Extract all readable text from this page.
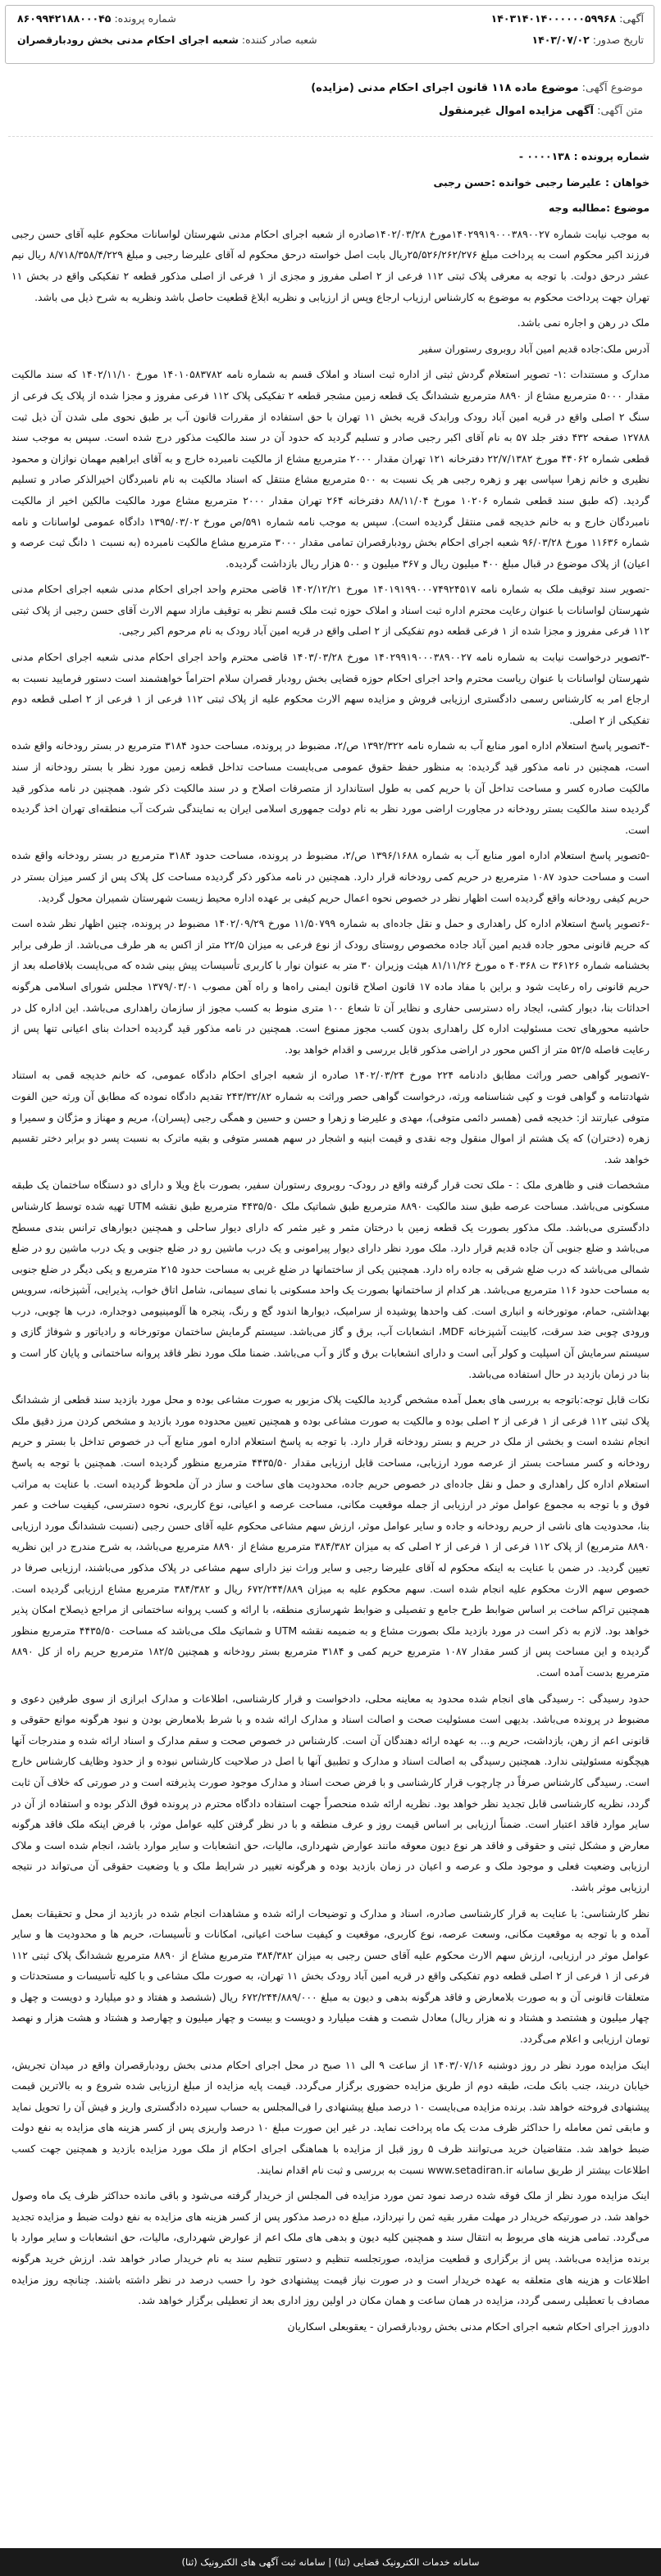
آگهی: ۱۴۰۳۱۴۰۱۴۰۰۰۰۰۰۵۹۹۶۸
تاریخ صدور: ۱۴۰۳/۰۷/۰۲
شماره پرونده: ۸۶۰۹۹۴۲۱۸۸۰۰۰۴۵
شعبه صادر کننده: شعبه اجرای احکام مدنی بخش رودبارقصران
موضوع آگهی: موضوع ماده ۱۱۸ قانون اجرای احکام مدنی (مزایده)
متن آگهی: آگهی مزایده اموال غیرمنقول

شماره پرونده : ۰۰۰۰۱۳۸ -

خواهان : علیرضا رجبی خوانده :حسن رجبی

موضوع :مطالبه وجه

به موجب نیابت شماره ۱۴۰۲۹۹۱۹۰۰۰۳۸۹۰۰۲۷مورخ ۱۴۰۲/۰۳/۲۸صادره از شعبه اجرای احکام مدنی شهرستان لواسانات محکوم علیه آقای حسن رجبی فرزند اکبر محکوم است به پرداخت مبلغ ۲۵/۵۲۶/۲۶۲/۲۷۶ریال بابت اصل خواسته درحق محکوم له آقای علیرضا رجبی و مبلغ ۸/۷۱۸/۳۵۸/۴/۲۲۹ ریال نیم عشر درحق دولت. با توجه به معرفی پلاک ثبتی ۱۱۲ فرعی از ۲ اصلی مفروز و مجزی از ۱ فرعی از اصلی مذکور قطعه ۲ تفکیکی واقع در بخش ۱۱ تهران جهت پرداخت محکوم به موضوع به کارشناس ارزیاب ارجاع وپس از ارزیابی و نظریه ابلاغ قطعیت حاصل باشد ونظریه به شرح ذیل می باشد.

ملک در رهن و اجاره نمی باشد.

آدرس ملک:جاده قدیم امین آباد روبروی رستوران سفیر

مدارک و مستندات :۱- تصویر استعلام گردش ثبتی از اداره ثبت اسناد و املاک قسم به شماره نامه ۱۴۰۱۰۵۸۳۷۸۲ مورخ ۱۴۰۲/۱۱/۱۰ که سند مالکیت مقدار ۵۰۰۰ مترمربع مشاع از ۸۸۹۰ مترمربع ششدانگ یک قطعه زمین مشجر قطعه ۲ تفکیکی پلاک ۱۱۲ فرعی مفروز و مجزا شده از پلاک یک فرعی از سنگ ۲ اصلی واقع در قریه امین آباد رودک ورابدک قریه بخش ۱۱ تهران با حق استفاده از مقررات قانون آب بر طبق نحوی ملی شدن آن ذیل ثبت ۱۲۷۸۸ صفحه ۴۳۲ دفتر جلد ۵۷ به نام آقای اکبر رجبی صادر و تسلیم گردید که حدود آن در سند مالکیت مذکور درج شده است. سپس به موجب سند قطعی شماره ۴۴۰۶۲ مورخ ۲۲/۷/۱۳۸۲ دفترخانه ۱۲۱ تهران مقدار ۲۰۰۰ مترمربع مشاع از مالکیت نامبرده خارج و به آقای ابراهیم مهمان نوازان و محمود نظیری و خانم زهرا سپاسی بهر و زهره رجبی هر یک نسبت به ۵۰۰ مترمربع مشاع منتقل که اسناد مالکیت به نام نامبردگان اخیرالذکر صادر و تسلیم گردید. (که طبق سند قطعی شماره ۱۰۲۰۶ مورخ ۸۸/۱۱/۰۴ دفترخانه ۲۶۴ تهران مقدار ۲۰۰۰ مترمربع مشاع مورد مالکیت مالکین اخیر از مالکیت نامبردگان خارج و به خانم خدیجه قمی منتقل گردیده است). سپس به موجب نامه شماره ۵۹۱/ص مورخ ۱۳۹۵/۰۳/۰۲ دادگاه عمومی لواسانات و نامه شماره ۱۱۶۳۶ مورخ ۹۶/۰۳/۲۸ شعبه اجرای احکام بخش رودبارقصران تمامی مقدار ۳۰۰۰ مترمربع مشاع مالکیت نامبرده (به نسبت ۱ دانگ ثبت عرصه و اعیان) از پلاک موضوع در قبال مبلغ ۴۰۰ میلیون ریال و ۳۶۷ میلیون و ۵۰۰ هزار ریال بازداشت گردیده.

-تصویر سند توقیف ملک به شماره نامه ۱۴۰۱۹۱۹۹۰۰۰۷۴۹۲۴۵۱۷ مورخ ۱۴۰۲/۱۲/۲۱ قاضی محترم واحد اجرای احکام مدنی شعبه اجرای احکام مدنی شهرستان لواسانات با عنوان رعایت محترم اداره ثبت اسناد و املاک حوزه ثبت ملک قسم نظر به توقیف مازاد سهم الارث آقای حسن رجبی از پلاک ثبتی ۱۱۲ فرعی مفروز و مجزا شده از ۱ فرعی قطعه دوم تفکیکی از ۲ اصلی واقع در قریه امین آباد رودک به نام مرحوم اکبر رجبی.

-۳تصویر درخواست نیابت به شماره نامه ۱۴۰۲۹۹۱۹۰۰۰۳۸۹۰۰۲۷ مورخ ۱۴۰۳/۰۳/۲۸ قاضی محترم واحد اجرای احکام مدنی شعبه اجرای احکام مدنی شهرستان لواسانات با عنوان ریاست محترم واحد اجرای احکام حوزه قضایی بخش رودبار قصران سلام احتراماً خواهشمند است دستور فرمایید نسبت به ارجاع امر به کارشناس رسمی دادگستری ارزیابی فروش و مزایده سهم الارث محکوم علیه از پلاک ثبتی ۱۱۲ فرعی از ۱ فرعی از ۲ اصلی قطعه دوم تفکیکی از ۲ اصلی.

-۴تصویر پاسخ استعلام اداره امور منابع آب به شماره نامه ۱۳۹۲/۳۲۲ ص/۲، مضبوط در پرونده، مساحت حدود ۳۱۸۴ مترمربع در بستر رودخانه واقع شده است، همچنین در نامه مذکور قید گردیده: به منظور حفظ حقوق عمومی می‌بایست مساحت تداخل قطعه زمین مورد نظر با بستر رودخانه از سند مالکیت صادره کسر و مساحت تداخل آن با حریم کمی به طول استاندارد از متصرفات اصلاح و در سند مالکیت ذکر شود. همچنین در نامه مذکور قید گردیده سند مالکیت بستر رودخانه در مجاورت اراضی مورد نظر به نام دولت جمهوری اسلامی ایران به نمایندگی شرکت آب منطقه‌ای تهران اخذ گردیده است.

-۵تصویر پاسخ استعلام اداره امور منابع آب به شماره ۱۳۹۶/۱۶۸۸ ص/۲، مضبوط در پرونده، مساحت حدود ۳۱۸۴ مترمربع در بستر رودخانه واقع شده است و مساحت حدود ۱۰۸۷ مترمربع در حریم کمی رودخانه قرار دارد. همچنین در نامه مذکور ذکر گردیده مساحت کل پلاک پس از کسر میزان بستر در حریم کیفی رودخانه واقع گردیده است اظهار نظر در خصوص نحوه اعمال حریم کیفی بر عهده اداره محیط زیست شهرستان شمیران محول گردید.

-۶تصویر پاسخ استعلام اداره کل راهداری و حمل و نقل جاده‌ای به شماره ۱۱/۵۰۷۹۹ مورخ ۱۴۰۲/۰۹/۲۹ مضبوط در پرونده، چنین اظهار نظر شده است که حریم قانونی محور جاده قدیم امین آباد جاده مخصوص روستای رودک از نوع فرعی به میزان ۲۲/۵ متر از اکس به هر طرف می‌باشد. از طرفی برابر بخشنامه شماره ۳۶۱۲۶ ت ۴۰۳۶۸ ه مورخ ۸۱/۱۱/۲۶ هیئت وزیران ۳۰ متر به عنوان نوار با کاربری تأسیسات پیش بینی شده که می‌بایست بلافاصله بعد از حریم قانونی راه رعایت شود و براین با مفاد ماده ۱۷ قانون اصلاح قانون ایمنی راه‌ها و راه آهن مصوب ۱۳۷۹/۰۳/۰۱ مجلس شورای اسلامی هرگونه احداثات بنا، دیوار کشی، ایجاد راه دسترسی حفاری و نظایر آن تا شعاع ۱۰۰ متری منوط به کسب مجوز از سازمان راهداری می‌باشد. این اداره کل در حاشیه محورهای تحت مسئولیت اداره کل راهداری بدون کسب مجوز ممنوع است. همچنین در نامه مذکور قید گردیده احداث بنای اعیانی تنها پس از رعایت فاصله ۵۲/۵ متر از اکس محور در اراضی مذکور قابل بررسی و اقدام خواهد بود.

-۷تصویر گواهی حصر وراثت مطابق دادنامه ۲۲۴ مورخ ۱۴۰۲/۰۳/۲۴ صادره از شعبه اجرای احکام دادگاه عمومی، که خانم خدیجه قمی به استناد شهادتنامه و گواهی فوت و کپی شناسنامه ورثه، درخواست گواهی حصر وراثت به شماره ۲۴۳/۳۲/۸۲ تقدیم دادگاه نموده که مطابق آن ورثه حین الفوت متوفی عبارتند از: خدیجه قمی (همسر دائمی متوفی)، مهدی و علیرضا و زهرا و حسن و حسین و همگی رجبی (پسران)، مریم و مهناز و مژگان و سمیرا و زهره (دختران) که یک هشتم از اموال منقول وجه نقدی و قیمت ابنیه و اشجار در سهم همسر متوفی و بقیه ماترک به نسبت پسر دو برابر دختر تقسیم خواهد شد.

مشخصات فنی و ظاهری ملک : - ملک تحت قرار گرفته واقع در رودک- روبروی رستوران سفیر، بصورت باغ ویلا و دارای دو دستگاه ساختمان یک طبقه مسکونی می‌باشد. مساحت عرصه طبق سند مالکیت ۸۸۹۰ مترمربع طبق شماتیک ملک ۴۴۳۵/۵۰ مترمربع طبق نقشه UTM تهیه شده توسط کارشناس دادگستری می‌باشد. ملک مذکور بصورت یک قطعه زمین با درختان مثمر و غیر مثمر که دارای دیوار ساحلی و همچنین دیوارهای ترانس بندی مسطح می‌باشد و ضلع جنوبی آن جاده قدیم قرار دارد. ملک مورد نظر دارای دیوار پیرامونی و یک درب ماشین رو در ضلع جنوبی و یک درب ماشین رو در ضلع شمالی می‌باشد که درب ضلع شرقی به جاده راه دارد. همچنین یکی از ساختمانها در ضلع غربی به مساحت حدود ۲۱۵ مترمربع و یکی دیگر در ضلع جنوبی به مساحت حدود ۱۱۶ مترمربع می‌باشد. هر کدام از ساختمانها بصورت یک واحد مسکونی با نمای سیمانی، شامل اتاق خواب، پذیرایی، آشپزخانه، سرویس بهداشتی، حمام، موتورخانه و انباری است. کف واحدها پوشیده از سرامیک، دیوارها اندود گچ و رنگ، پنجره ها آلومینیومی دوجداره، درب ها چوبی، درب ورودی چوبی ضد سرقت، کابینت آشپزخانه MDF، انشعابات آب، برق و گاز می‌باشد. سیستم گرمایش ساختمان موتورخانه و رادیاتور و شوفاژ گازی و سیستم سرمایش آن اسپلیت و کولر آبی است و دارای انشعابات برق و گاز و آب می‌باشد. ضمنا ملک مورد نظر فاقد پروانه ساختمانی و پایان کار است و بنا در زمان بازدید در حال استفاده می‌باشد.

نکات قابل توجه:باتوجه به بررسی های بعمل آمده مشخص گردید مالکیت پلاک مزبور به صورت مشاعی بوده و محل مورد بازدید سند قطعی از ششدانگ پلاک ثبتی ۱۱۲ فرعی از ۱ فرعی از ۲ اصلی بوده و مالکیت به صورت مشاعی بوده و همچنین تعیین محدوده مورد بازدید و مشخص کردن مرز دقیق ملک انجام نشده است و بخشی از ملک در حریم و بستر رودخانه قرار دارد. با توجه به پاسخ استعلام اداره امور منابع آب در خصوص تداخل با بستر و حریم رودخانه و کسر مساحت بستر از عرصه مورد ارزیابی، مساحت قابل ارزیابی مقدار ۴۴۳۵/۵۰ مترمربع منظور گردیده است. همچنین با توجه به پاسخ استعلام اداره کل راهداری و حمل و نقل جاده‌ای در خصوص حریم جاده، محدودیت های ساخت و ساز در آن ملحوظ گردیده است. با عنایت به مراتب فوق و با توجه به مجموع عوامل موثر در ارزیابی از جمله موقعیت مکانی، مساحت عرصه و اعیانی، نوع کاربری، نحوه دسترسی، کیفیت ساخت و عمر بنا، محدودیت های ناشی از حریم رودخانه و جاده و سایر عوامل موثر، ارزش سهم مشاعی محکوم علیه آقای حسن رجبی (نسبت ششدانگ مورد ارزیابی ۸۸۹۰ مترمربع) از پلاک ۱۱۲ فرعی از ۱ فرعی از ۲ اصلی که به میزان ۳۸۴/۳۸۲ مترمربع مشاع از ۸۸۹۰ مترمربع می‌باشد، به شرح مندرج در این نظریه تعیین گردید. در ضمن با عنایت به اینکه محکوم له آقای علیرضا رجبی و سایر وراث نیز دارای سهم مشاعی در پلاک مذکور می‌باشند، ارزیابی صرفا در خصوص سهم الارث محکوم علیه انجام شده است. سهم محکوم علیه به میزان ۶۷۲/۲۴۴/۸۸۹ ریال و ۳۸۴/۳۸۲ مترمربع مشاع ارزیابی گردیده است. همچنین تراکم ساخت بر اساس ضوابط طرح جامع و تفصیلی و ضوابط شهرسازی منطقه، با ارائه و کسب پروانه ساختمانی از مراجع ذیصلاح امکان پذیر خواهد بود. لازم به ذکر است در مورد بازدید ملک بصورت مشاع و به ضمیمه نقشه UTM و شماتیک ملک می‌باشد که مساحت ۴۴۳۵/۵۰ مترمربع منظور گردیده و این مساحت پس از کسر مقدار ۱۰۸۷ مترمربع حریم کمی و ۳۱۸۴ مترمربع بستر رودخانه و همچنین ۱۸۲/۵ مترمربع حریم راه از کل ۸۸۹۰ مترمربع بدست آمده است.

حدود رسیدگی :- رسیدگی های انجام شده محدود به معاینه محلی، دادخواست و قرار کارشناسی، اطلاعات و مدارک ابرازی از سوی طرفین دعوی و مضبوط در پرونده می‌باشد. بدیهی است مسئولیت صحت و اصالت اسناد و مدارک ارائه شده و با شرط بلامعارض بودن و نبود هرگونه موانع حقوقی و قانونی اعم از رهن، بازداشت، حریم و... به عهده ارائه دهندگان آن است. کارشناس در خصوص صحت و سقم مدارک و اسناد ارائه شده و مندرجات آنها هیچگونه مسئولیتی ندارد. همچنین رسیدگی به اصالت اسناد و مدارک و تطبیق آنها با اصل در صلاحیت کارشناس نبوده و از حدود وظایف کارشناس خارج است. رسیدگی کارشناس صرفاً در چارچوب قرار کارشناسی و با فرض صحت اسناد و مدارک موجود صورت پذیرفته است و در صورتی که خلاف آن ثابت گردد، نظریه کارشناسی قابل تجدید نظر خواهد بود. نظریه ارائه شده منحصراً جهت استفاده دادگاه محترم در پرونده فوق الذکر بوده و استفاده از آن در سایر موارد فاقد اعتبار است. ضمناً ارزیابی بر اساس قیمت روز و عرف منطقه و با در نظر گرفتن کلیه عوامل موثر، با فرض اینکه ملک فاقد هرگونه معارض و مشکل ثبتی و حقوقی و فاقد هر نوع دیون معوقه مانند عوارض شهرداری، مالیات، حق انشعابات و سایر موارد باشد، انجام شده است و ملاک ارزیابی وضعیت فعلی و موجود ملک و عرصه و اعیان در زمان بازدید بوده و هرگونه تغییر در شرایط ملک و یا وضعیت حقوقی آن می‌تواند در نتیجه ارزیابی موثر باشد.

نظر کارشناسی: با عنایت به قرار کارشناسی صادره، اسناد و مدارک و توضیحات ارائه شده و مشاهدات انجام شده در بازدید از محل و تحقیقات بعمل آمده و با توجه به موقعیت مکانی، وسعت عرصه، نوع کاربری، موقعیت و کیفیت ساخت اعیانی، امکانات و تأسیسات، حریم ها و محدودیت ها و سایر عوامل موثر در ارزیابی، ارزش سهم الارث محکوم علیه آقای حسن رجبی به میزان ۳۸۴/۳۸۲ مترمربع مشاع از ۸۸۹۰ مترمربع ششدانگ پلاک ثبتی ۱۱۲ فرعی از ۱ فرعی از ۲ اصلی قطعه دوم تفکیکی واقع در قریه امین آباد رودک بخش ۱۱ تهران، به صورت ملک مشاعی و با کلیه تأسیسات و مستحدثات و متعلقات قانونی آن و به صورت بلامعارض و فاقد هرگونه بدهی و دیون به مبلغ ۶۷۲/۲۴۴/۸۸۹/۰۰۰ ریال (ششصد و هفتاد و دو میلیارد و دویست و چهل و چهار میلیون و هشتصد و هشتاد و نه هزار ریال) معادل شصت و هفت میلیارد و دویست و بیست و چهار میلیون و چهارصد و هشتاد و هشت هزار و نهصد تومان ارزیابی و اعلام می‌گردد.

اینک مزایده مورد نظر در روز دوشنبه ۱۴۰۳/۰۷/۱۶ از ساعت ۹ الی ۱۱ صبح در محل اجرای احکام مدنی بخش رودبارقصران واقع در میدان تجریش، خیابان دربند، جنب بانک ملت، طبقه دوم از طریق مزایده حضوری برگزار می‌گردد. قیمت پایه مزایده از مبلغ ارزیابی شده شروع و به بالاترین قیمت پیشنهادی فروخته خواهد شد. برنده مزایده می‌بایست ۱۰ درصد مبلغ پیشنهادی را فی‌المجلس به حساب سپرده دادگستری واریز و فیش آن را تحویل نماید و مابقی ثمن معامله را حداکثر ظرف مدت یک ماه پرداخت نماید. در غیر این صورت مبلغ ۱۰ درصد واریزی پس از کسر هزینه های مزایده به نفع دولت ضبط خواهد شد. متقاضیان خرید می‌توانند ظرف ۵ روز قبل از مزایده با هماهنگی اجرای احکام از ملک مورد مزایده بازدید و همچنین جهت کسب اطلاعات بیشتر از طریق سامانه www.setadiran.ir نسبت به بررسی و ثبت نام اقدام نمایند.

اینک مزایده مورد نظر از ملک فوقه شده درصد نمود تمن مورد مزایده فی المجلس از خریدار گرفته می‌شود و باقی مانده حداکثر ظرف یک ماه وصول خواهد شد. در صورتیکه خریدار در مهلت مقرر بقیه ثمن را نپردازد، مبلغ ده درصد مذکور پس از کسر هزینه های مزایده به نفع دولت ضبط و مزایده تجدید می‌گردد. تمامی هزینه های مربوط به انتقال سند و همچنین کلیه دیون و بدهی های ملک اعم از عوارض شهرداری، مالیات، حق انشعابات و سایر موارد با برنده مزایده می‌باشد. پس از برگزاری و قطعیت مزایده، صورتجلسه تنظیم و دستور تنظیم سند به نام خریدار صادر خواهد شد. ارزش خرید هرگونه اطلاعات و هزینه های متعلقه به عهده خریدار است و در صورت نیاز قیمت پیشنهادی خود را حسب درصد در نظر داشته باشند. چنانچه روز مزایده مصادف با تعطیلی رسمی گردد، مزایده در همان ساعت و همان مکان در اولین روز اداری بعد از تعطیلی برگزار خواهد شد.

دادورز اجرای احکام شعبه اجرای احکام مدنی بخش رودبارقصران - یعقوبعلی اسکاریان

سامانه خدمات الکترونیک قضایی (ثنا) | سامانه ثبت آگهی های الکترونیک (ثنا)
